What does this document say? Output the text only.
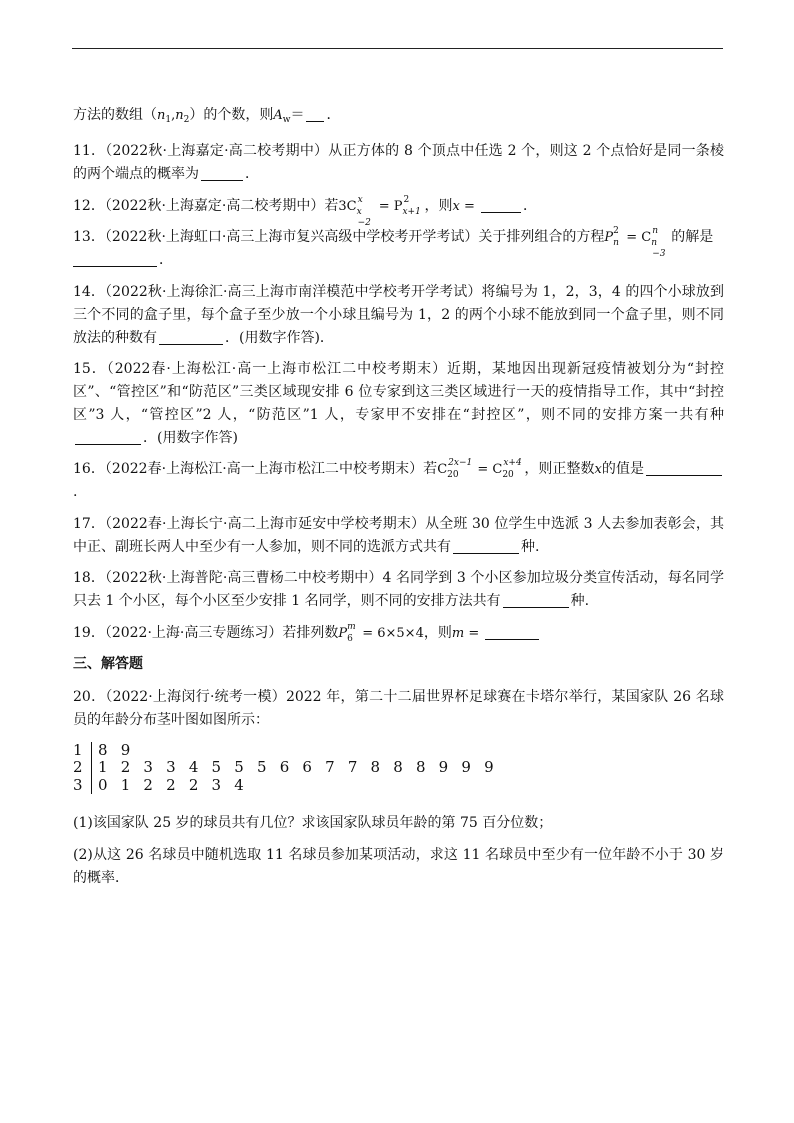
方法的数组$(n_1,n_2)$的个数，则$A_w=$ ．
11．（2022秋·上海嘉定·高二校考期中）从正方体的 8 个顶点中任选 2 个，则这 2 个点恰好是同一条棱的两个端点的概率为	．
12．（2022秋·上海嘉定·高二校考期中）若3C x
x−2
= P x+1
2 ，则x =	．
13．（2022秋·上海虹口·高三上海市复兴高级中学校考开学考试）关于排列组合的方程P n
2 = C n
n−3
的解是
．
14．（2022秋·上海徐汇·高三上海市南洋模范中学校考开学考试）将编号为 1，2，3，4 的四个小球放到三个不同的盒子里，每个盒子至少放一个小球且编号为 1，2 的两个小球不能放到同一个盒子里，则不同放法的种数有	．(用数字作答)．
15．（2022春·上海松江·高一上海市松江二中校考期末）近期，某地因出现新冠疫情被划分为“封控区”、“管控区”和“防范区”三类区域现安排 6 位专家到这三类区域进行一天的疫情指导工作，其中“封控区”3 人，“管控区”2 人，“防范区”1 人，专家甲不安排在“封控区”，则不同的安排方案一共有种．(用数字作答)
16．（2022春·上海松江·高一上海市松江二中校考期末）若C 20
2x−1 = C 20
x+4 ，则正整数x的值是.
17．（2022春·上海长宁·高二上海市延安中学校考期末）从全班 30 位学生中选派 3 人去参加表彰会，其中正、副班长两人中至少有一人参加，则不同的选派方式共有	种.
18．（2022秋·上海普陀·高三曹杨二中校考期中）4 名同学到 3 个小区参加垃圾分类宣传活动，每名同学只去 1 个小区，每个小区至少安排 1 名同学，则不同的安排方法共有	种.
19．（2022·上海·高三专题练习）若排列数P 6
m = 6×5×4，则m =
三、解答题
20．（2022·上海闵行·统考一模）2022 年，第二十二届世界杯足球赛在卡塔尔举行，某国家队 26 名球员的年龄分布茎叶图如图所示：
1	8 9
2	1 2 3 3 4 5 5 5 6 6 7 7 8 8 8 9 9 9
3	0 1 2 2 2 3 4
(1)该国家队 25 岁的球员共有几位？求该国家队球员年龄的第 75 百分位数；
(2)从这 26 名球员中随机选取 11 名球员参加某项活动，求这 11 名球员中至少有一位年龄不小于 30 岁的概率．
